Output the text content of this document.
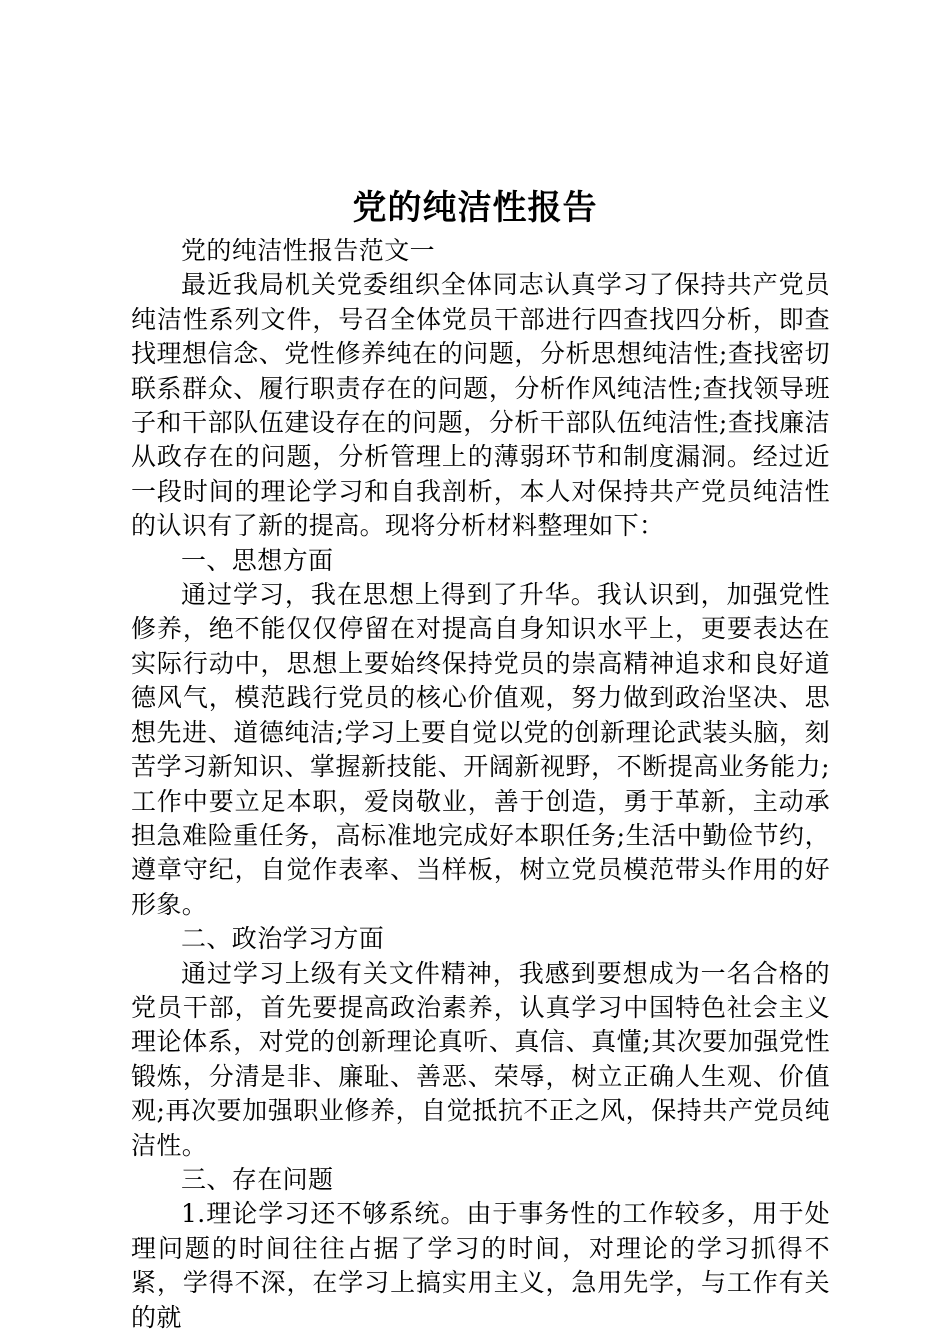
党的纯洁性报告

党的纯洁性报告范文一

最近我局机关党委组织全体同志认真学习了保持共产党员纯洁性系列文件，号召全体党员干部进行四查找四分析，即查找理想信念、党性修养纯在的问题，分析思想纯洁性;查找密切联系群众、履行职责存在的问题，分析作风纯洁性;查找领导班子和干部队伍建设存在的问题，分析干部队伍纯洁性;查找廉洁从政存在的问题，分析管理上的薄弱环节和制度漏洞。经过近一段时间的理论学习和自我剖析，本人对保持共产党员纯洁性的认识有了新的提高。现将分析材料整理如下：

一、思想方面

通过学习，我在思想上得到了升华。我认识到，加强党性修养，绝不能仅仅停留在对提高自身知识水平上，更要表达在实际行动中，思想上要始终保持党员的崇高精神追求和良好道德风气，模范践行党员的核心价值观，努力做到政治坚决、思想先进、道德纯洁;学习上要自觉以党的创新理论武装头脑，刻苦学习新知识、掌握新技能、开阔新视野，不断提高业务能力;工作中要立足本职，爱岗敬业，善于创造，勇于革新，主动承担急难险重任务，高标准地完成好本职任务;生活中勤俭节约，遵章守纪，自觉作表率、当样板，树立党员模范带头作用的好形象。

二、政治学习方面

通过学习上级有关文件精神，我感到要想成为一名合格的党员干部，首先要提高政治素养，认真学习中国特色社会主义理论体系，对党的创新理论真听、真信、真懂;其次要加强党性锻炼，分清是非、廉耻、善恶、荣辱，树立正确人生观、价值观;再次要加强职业修养，自觉抵抗不正之风，保持共产党员纯洁性。

三、存在问题

1.理论学习还不够系统。由于事务性的工作较多，用于处理问题的时间往往占据了学习的时间，对理论的学习抓得不紧，学得不深，在学习上搞实用主义，急用先学，与工作有关的就
